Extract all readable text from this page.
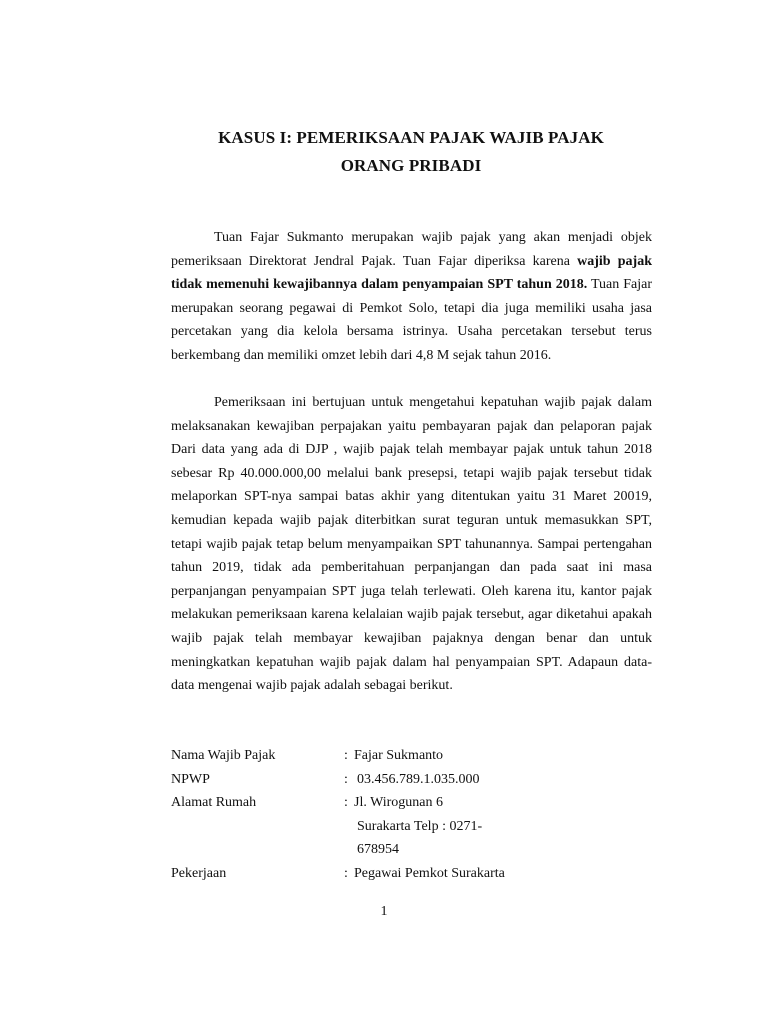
KASUS I: PEMERIKSAAN PAJAK WAJIB PAJAK
ORANG PRIBADI

Tuan Fajar Sukmanto merupakan wajib pajak yang akan menjadi objek pemeriksaan Direktorat Jendral Pajak. Tuan Fajar diperiksa karena wajib pajak tidak memenuhi kewajibannya dalam penyampaian SPT tahun 2018. Tuan Fajar merupakan seorang pegawai di Pemkot Solo, tetapi dia juga memiliki usaha jasa percetakan yang dia kelola bersama istrinya. Usaha percetakan tersebut terus berkembang dan memiliki omzet lebih dari 4,8 M sejak tahun 2016.

Pemeriksaan ini bertujuan untuk mengetahui kepatuhan wajib pajak dalam melaksanakan kewajiban perpajakan yaitu pembayaran pajak dan pelaporan pajak Dari data yang ada di DJP , wajib pajak telah membayar pajak untuk tahun 2018 sebesar Rp 40.000.000,00 melalui bank presepsi, tetapi wajib pajak tersebut tidak melaporkan SPT-nya sampai batas akhir yang ditentukan yaitu 31 Maret 20019, kemudian kepada wajib pajak diterbitkan surat teguran untuk memasukkan SPT, tetapi wajib pajak tetap belum menyampaikan SPT tahunannya. Sampai pertengahan tahun 2019, tidak ada pemberitahuan perpanjangan dan pada saat ini masa perpanjangan penyampaian SPT juga telah terlewati. Oleh karena itu, kantor pajak melakukan pemeriksaan karena kelalaian wajib pajak tersebut, agar diketahui apakah wajib pajak telah membayar kewajiban pajaknya dengan benar dan untuk meningkatkan kepatuhan wajib pajak dalam hal penyampaian SPT. Adapaun data-data mengenai wajib pajak adalah sebagai berikut.

Nama Wajib Pajak	: Fajar Sukmanto
NPWP	: 03.456.789.1.035.000
Alamat Rumah	: Jl. Wirogunan 6
Surakarta Telp : 0271-
678954
Pekerjaan	: Pegawai Pemkot Surakarta
1
